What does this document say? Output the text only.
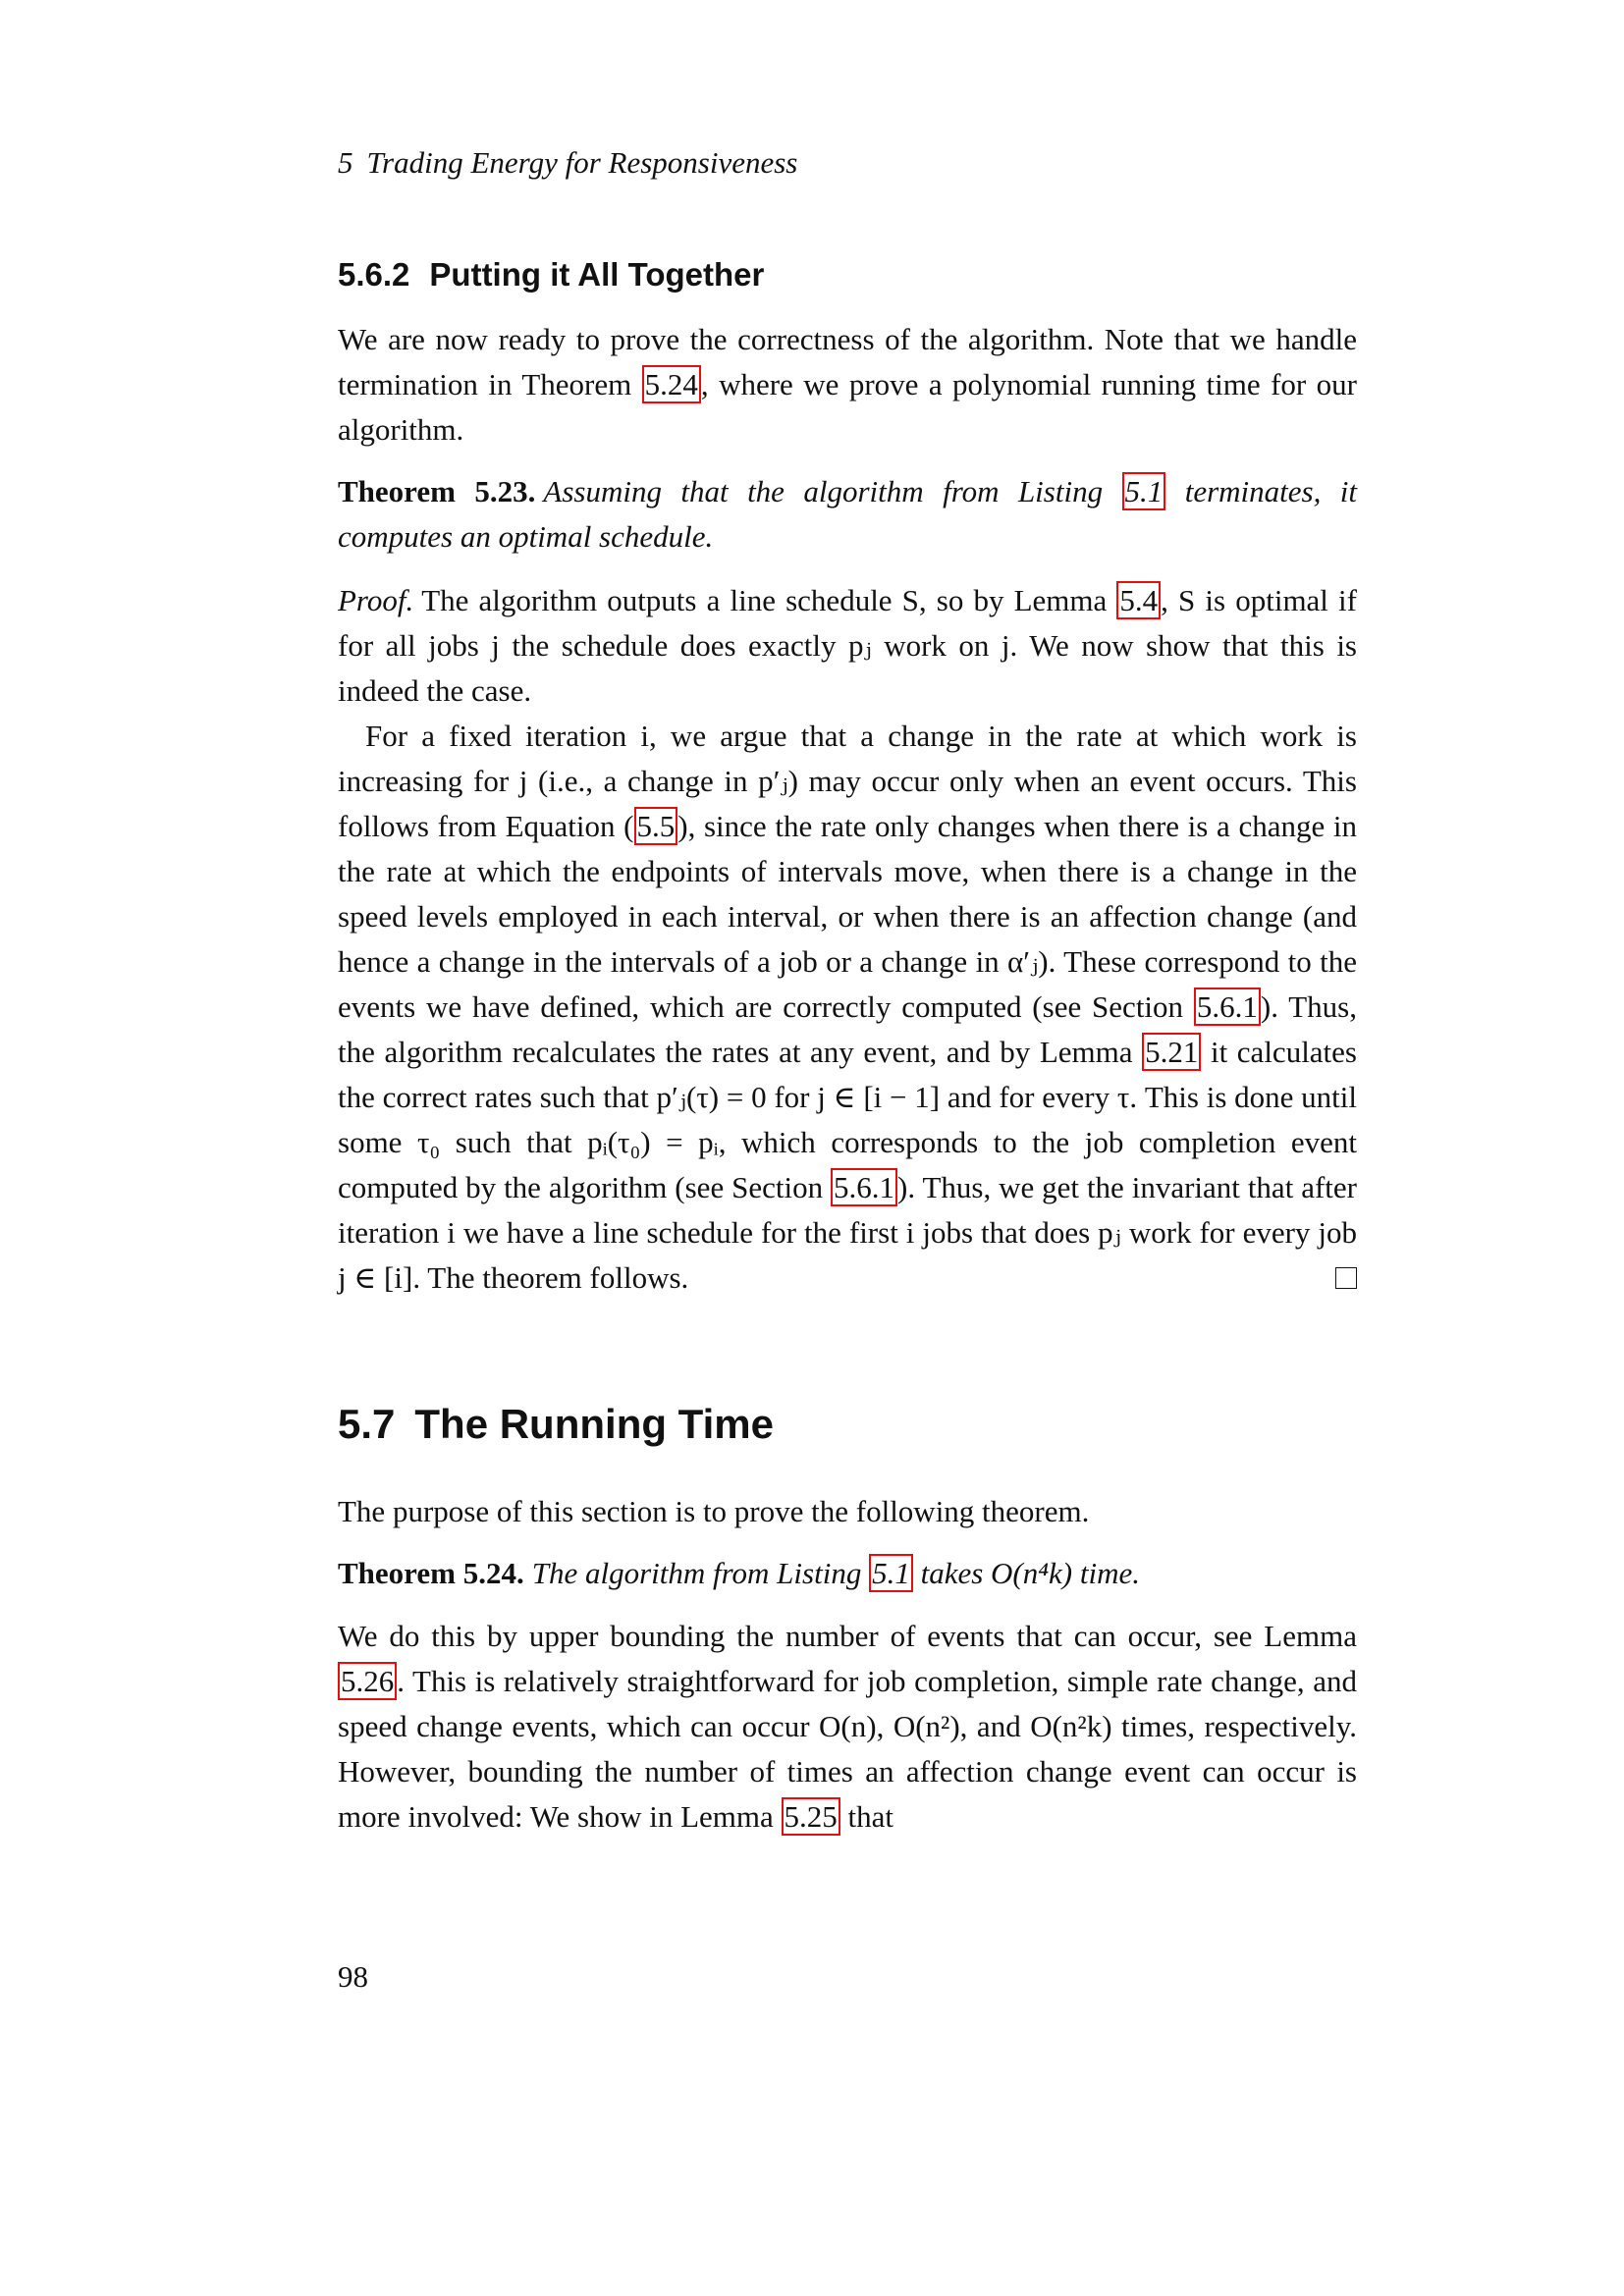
5 Trading Energy for Responsiveness
5.6.2 Putting it All Together

We are now ready to prove the correctness of the algorithm. Note that we handle termination in Theorem 5.24, where we prove a polynomial running time for our algorithm.

Theorem 5.23. Assuming that the algorithm from Listing 5.1 terminates, it computes an optimal schedule.

Proof. The algorithm outputs a line schedule S, so by Lemma 5.4, S is optimal if for all jobs j the schedule does exactly pⱼ work on j. We now show that this is indeed the case.

For a fixed iteration i, we argue that a change in the rate at which work is increasing for j (i.e., a change in p′ⱼ) may occur only when an event occurs. This follows from Equation (5.5), since the rate only changes when there is a change in the rate at which the endpoints of intervals move, when there is a change in the speed levels employed in each interval, or when there is an affection change (and hence a change in the intervals of a job or a change in α′ⱼ). These correspond to the events we have defined, which are correctly computed (see Section 5.6.1). Thus, the algorithm recalculates the rates at any event, and by Lemma 5.21 it calculates the correct rates such that p′ⱼ(τ) = 0 for j ∈ [i − 1] and for every τ. This is done until some τ₀ such that pᵢ(τ₀) = pᵢ, which corresponds to the job completion event computed by the algorithm (see Section 5.6.1). Thus, we get the invariant that after iteration i we have a line schedule for the first i jobs that does pⱼ work for every job j ∈ [i]. The theorem follows.

5.7 The Running Time

The purpose of this section is to prove the following theorem.

Theorem 5.24. The algorithm from Listing 5.1 takes O(n⁴k) time.

We do this by upper bounding the number of events that can occur, see Lemma 5.26. This is relatively straightforward for job completion, simple rate change, and speed change events, which can occur O(n), O(n²), and O(n²k) times, respectively. However, bounding the number of times an affection change event can occur is more involved: We show in Lemma 5.25 that

98
